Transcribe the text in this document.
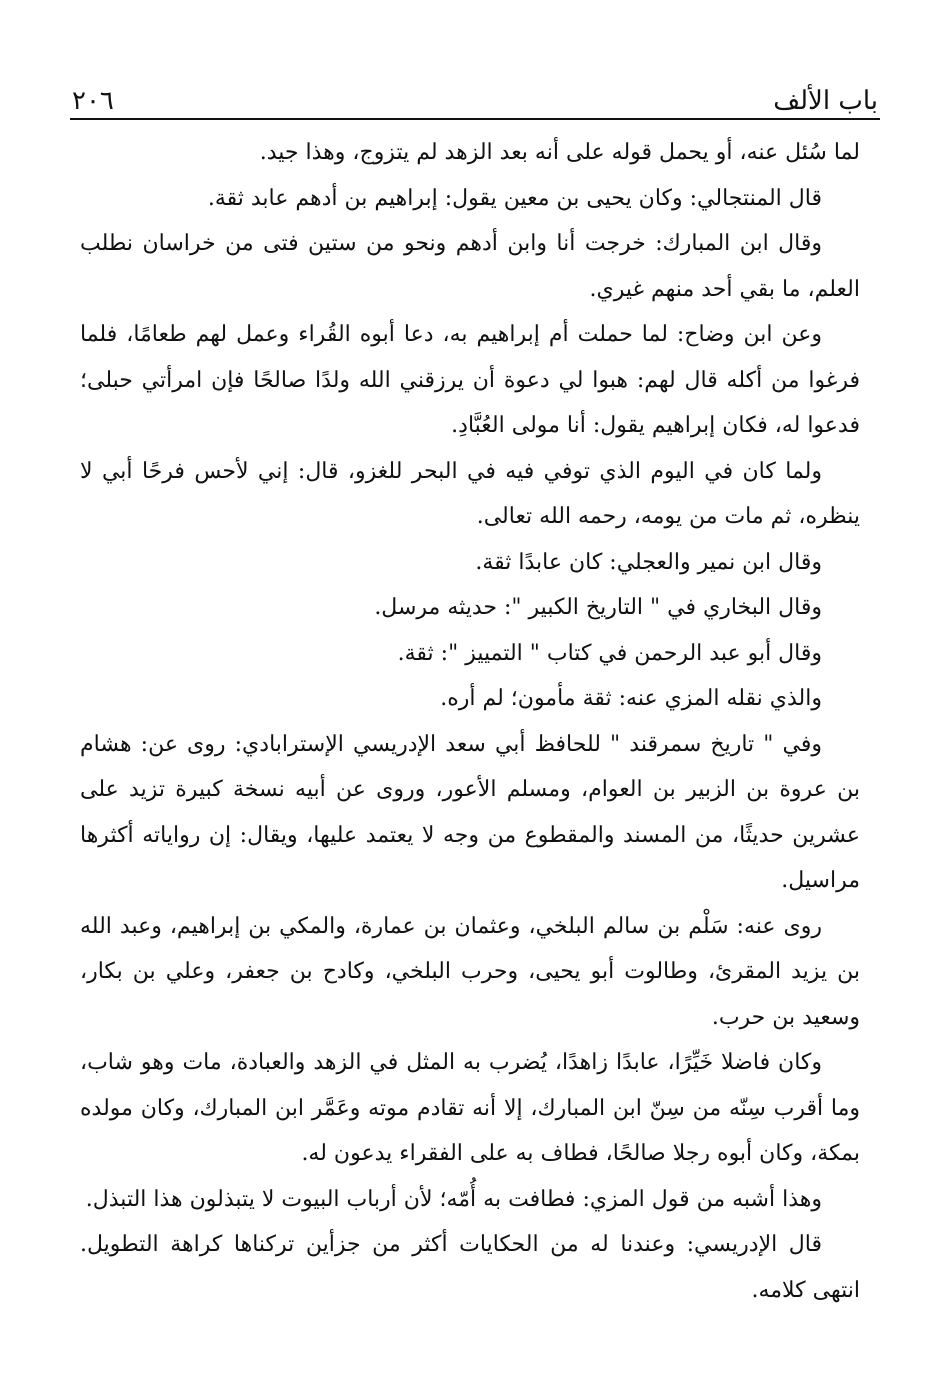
باب الألف
٢٠٦

لما سُئل عنه، أو يحمل قوله على أنه بعد الزهد لم يتزوج، وهذا جيد.

قال المنتجالي: وكان يحيى بن معين يقول: إبراهيم بن أدهم عابد ثقة.

وقال ابن المبارك: خرجت أنا وابن أدهم ونحو من ستين فتى من خراسان نطلب العلم، ما بقي أحد منهم غيري.

وعن ابن وضاح: لما حملت أم إبراهيم به، دعا أبوه القُراء وعمل لهم طعامًا، فلما فرغوا من أكله قال لهم: هبوا لي دعوة أن يرزقني الله ولدًا صالحًا فإن امرأتي حبلى؛ فدعوا له، فكان إبراهيم يقول: أنا مولى العُبَّادِ.

ولما كان في اليوم الذي توفي فيه في البحر للغزو، قال: إني لأحس فرحًا أبي لا ينظره، ثم مات من يومه، رحمه الله تعالى.

وقال ابن نمير والعجلي: كان عابدًا ثقة.

وقال البخاري في " التاريخ الكبير ": حديثه مرسل.

وقال أبو عبد الرحمن في كتاب " التمييز ": ثقة.

والذي نقله المزي عنه: ثقة مأمون؛ لم أره.

وفي " تاريخ سمرقند " للحافظ أبي سعد الإدريسي الإسترابادي: روى عن: هشام بن عروة بن الزبير بن العوام، ومسلم الأعور، وروى عن أبيه نسخة كبيرة تزيد على عشرين حديثًا، من المسند والمقطوع من وجه لا يعتمد عليها، ويقال: إن رواياته أكثرها مراسيل.

روى عنه: سَلْم بن سالم البلخي، وعثمان بن عمارة، والمكي بن إبراهيم، وعبد الله بن يزيد المقرئ، وطالوت أبو يحيى، وحرب البلخي، وكادح بن جعفر، وعلي بن بكار، وسعيد بن حرب.

وكان فاضلا خَيِّرًا، عابدًا زاهدًا، يُضرب به المثل في الزهد والعبادة، مات وهو شاب، وما أقرب سِنّه من سِنّ ابن المبارك، إلا أنه تقادم موته وعَمَّر ابن المبارك، وكان مولده بمكة، وكان أبوه رجلا صالحًا، فطاف به على الفقراء يدعون له.

وهذا أشبه من قول المزي: فطافت به أُمّه؛ لأن أرباب البيوت لا يتبذلون هذا التبذل.

قال الإدريسي: وعندنا له من الحكايات أكثر من جزأين تركناها كراهة التطويل. انتهى كلامه.
